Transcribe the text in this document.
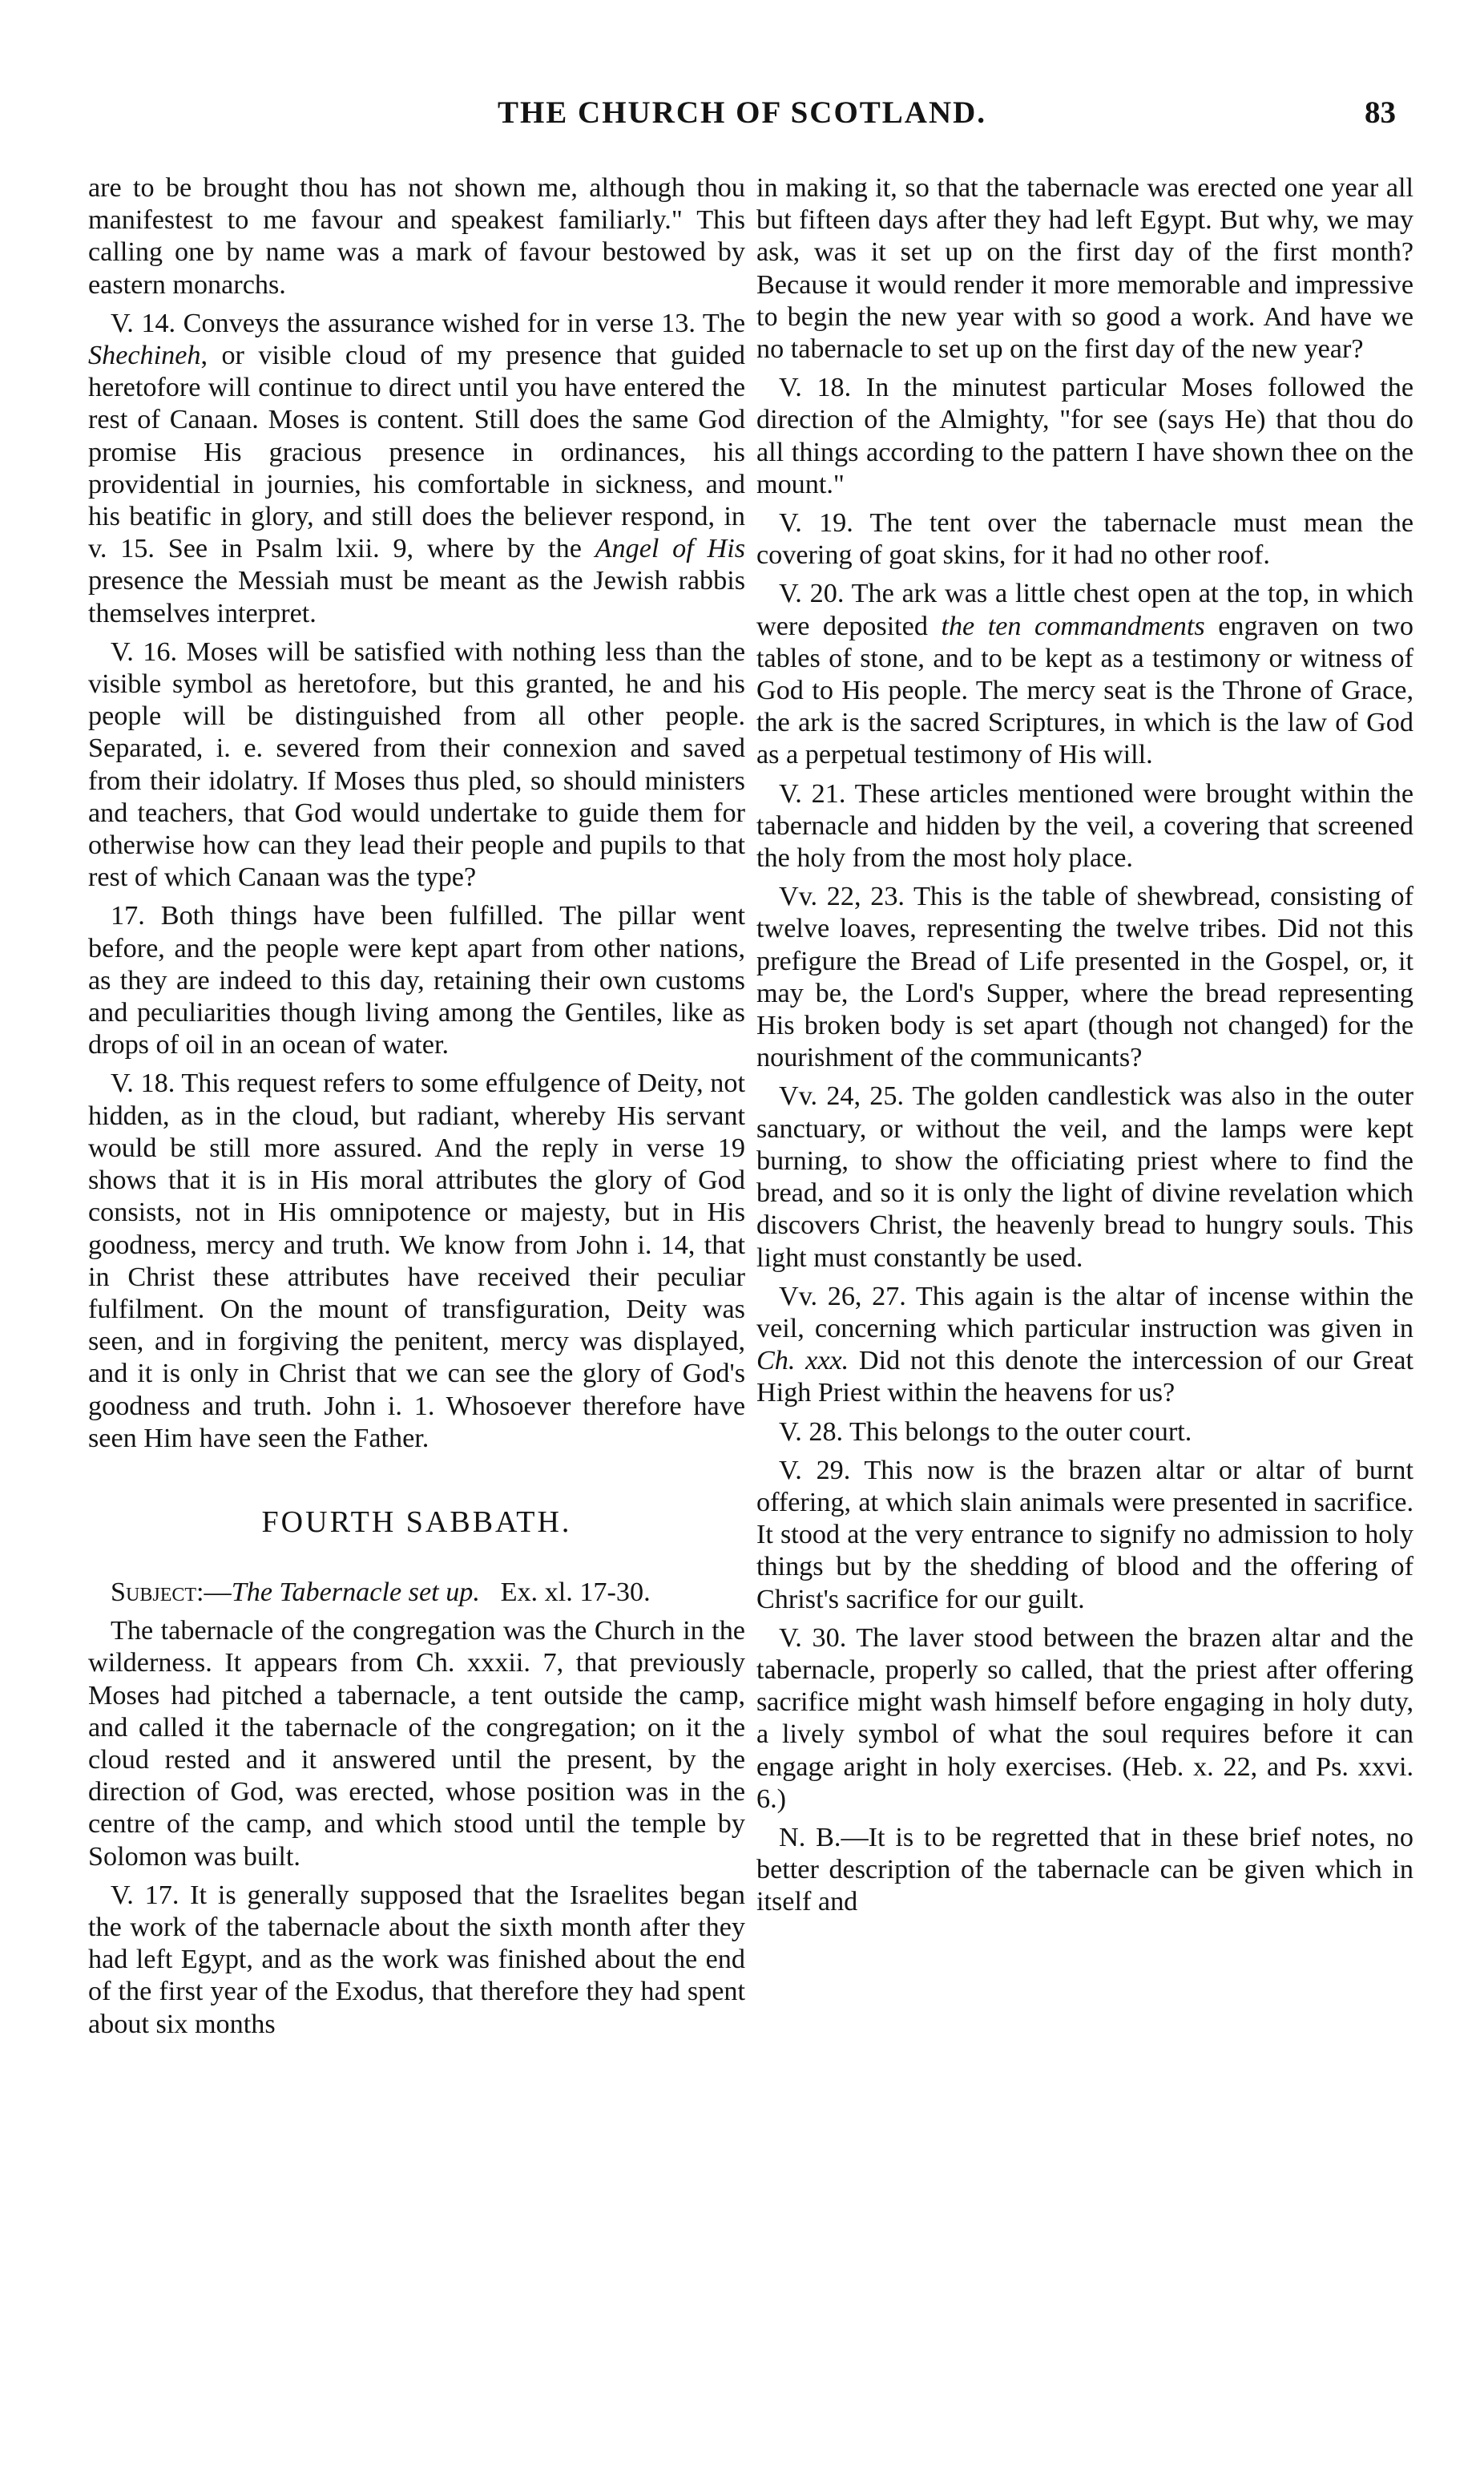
THE CHURCH OF SCOTLAND.	83

are to be brought thou has not shown me, although thou manifestest to me favour and speakest familiarly." This calling one by name was a mark of favour bestowed by eastern monarchs.

V. 14. Conveys the assurance wished for in verse 13. The Shechineh, or visible cloud of my presence that guided heretofore will continue to direct until you have entered the rest of Canaan. Moses is content. Still does the same God promise His gracious presence in ordinances, his providential in journies, his comfortable in sickness, and his beatific in glory, and still does the believer respond, in v. 15. See in Psalm lxii. 9, where by the Angel of His presence the Messiah must be meant as the Jewish rabbis themselves interpret.

V. 16. Moses will be satisfied with nothing less than the visible symbol as heretofore, but this granted, he and his people will be distinguished from all other people. Separated, i. e. severed from their connexion and saved from their idolatry. If Moses thus pled, so should ministers and teachers, that God would undertake to guide them for otherwise how can they lead their people and pupils to that rest of which Canaan was the type?

17. Both things have been fulfilled. The pillar went before, and the people were kept apart from other nations, as they are indeed to this day, retaining their own customs and peculiarities though living among the Gentiles, like as drops of oil in an ocean of water.

V. 18. This request refers to some effulgence of Deity, not hidden, as in the cloud, but radiant, whereby His servant would be still more assured. And the reply in verse 19 shows that it is in His moral attributes the glory of God consists, not in His omnipotence or majesty, but in His goodness, mercy and truth. We know from John i. 14, that in Christ these attributes have received their peculiar fulfilment. On the mount of transfiguration, Deity was seen, and in forgiving the penitent, mercy was displayed, and it is only in Christ that we can see the glory of God's goodness and truth. John i. 1. Whosoever therefore have seen Him have seen the Father.

FOURTH SABBATH.

Subject:—The Tabernacle set up. Ex. xl. 17-30.

The tabernacle of the congregation was the Church in the wilderness. It appears from Ch. xxxii. 7, that previously Moses had pitched a tabernacle, a tent outside the camp, and called it the tabernacle of the congregation; on it the cloud rested and it answered until the present, by the direction of God, was erected, whose position was in the centre of the camp, and which stood until the temple by Solomon was built.

V. 17. It is generally supposed that the Israelites began the work of the tabernacle about the sixth month after they had left Egypt, and as the work was finished about the end of the first year of the Exodus, that therefore they had spent about six months

in making it, so that the tabernacle was erected one year all but fifteen days after they had left Egypt. But why, we may ask, was it set up on the first day of the first month? Because it would render it more memorable and impressive to begin the new year with so good a work. And have we no tabernacle to set up on the first day of the new year?

V. 18. In the minutest particular Moses followed the direction of the Almighty, "for see (says He) that thou do all things according to the pattern I have shown thee on the mount."

V. 19. The tent over the tabernacle must mean the covering of goat skins, for it had no other roof.

V. 20. The ark was a little chest open at the top, in which were deposited the ten commandments engraven on two tables of stone, and to be kept as a testimony or witness of God to His people. The mercy seat is the Throne of Grace, the ark is the sacred Scriptures, in which is the law of God as a perpetual testimony of His will.

V. 21. These articles mentioned were brought within the tabernacle and hidden by the veil, a covering that screened the holy from the most holy place.

Vv. 22, 23. This is the table of shewbread, consisting of twelve loaves, representing the twelve tribes. Did not this prefigure the Bread of Life presented in the Gospel, or, it may be, the Lord's Supper, where the bread representing His broken body is set apart (though not changed) for the nourishment of the communicants?

Vv. 24, 25. The golden candlestick was also in the outer sanctuary, or without the veil, and the lamps were kept burning, to show the officiating priest where to find the bread, and so it is only the light of divine revelation which discovers Christ, the heavenly bread to hungry souls. This light must constantly be used.

Vv. 26, 27. This again is the altar of incense within the veil, concerning which particular instruction was given in Ch. xxx. Did not this denote the intercession of our Great High Priest within the heavens for us?

V. 28. This belongs to the outer court.

V. 29. This now is the brazen altar or altar of burnt offering, at which slain animals were presented in sacrifice. It stood at the very entrance to signify no admission to holy things but by the shedding of blood and the offering of Christ's sacrifice for our guilt.

V. 30. The laver stood between the brazen altar and the tabernacle, properly so called, that the priest after offering sacrifice might wash himself before engaging in holy duty, a lively symbol of what the soul requires before it can engage aright in holy exercises. (Heb. x. 22, and Ps. xxvi. 6.)

N. B.—It is to be regretted that in these brief notes, no better description of the tabernacle can be given which in itself and
